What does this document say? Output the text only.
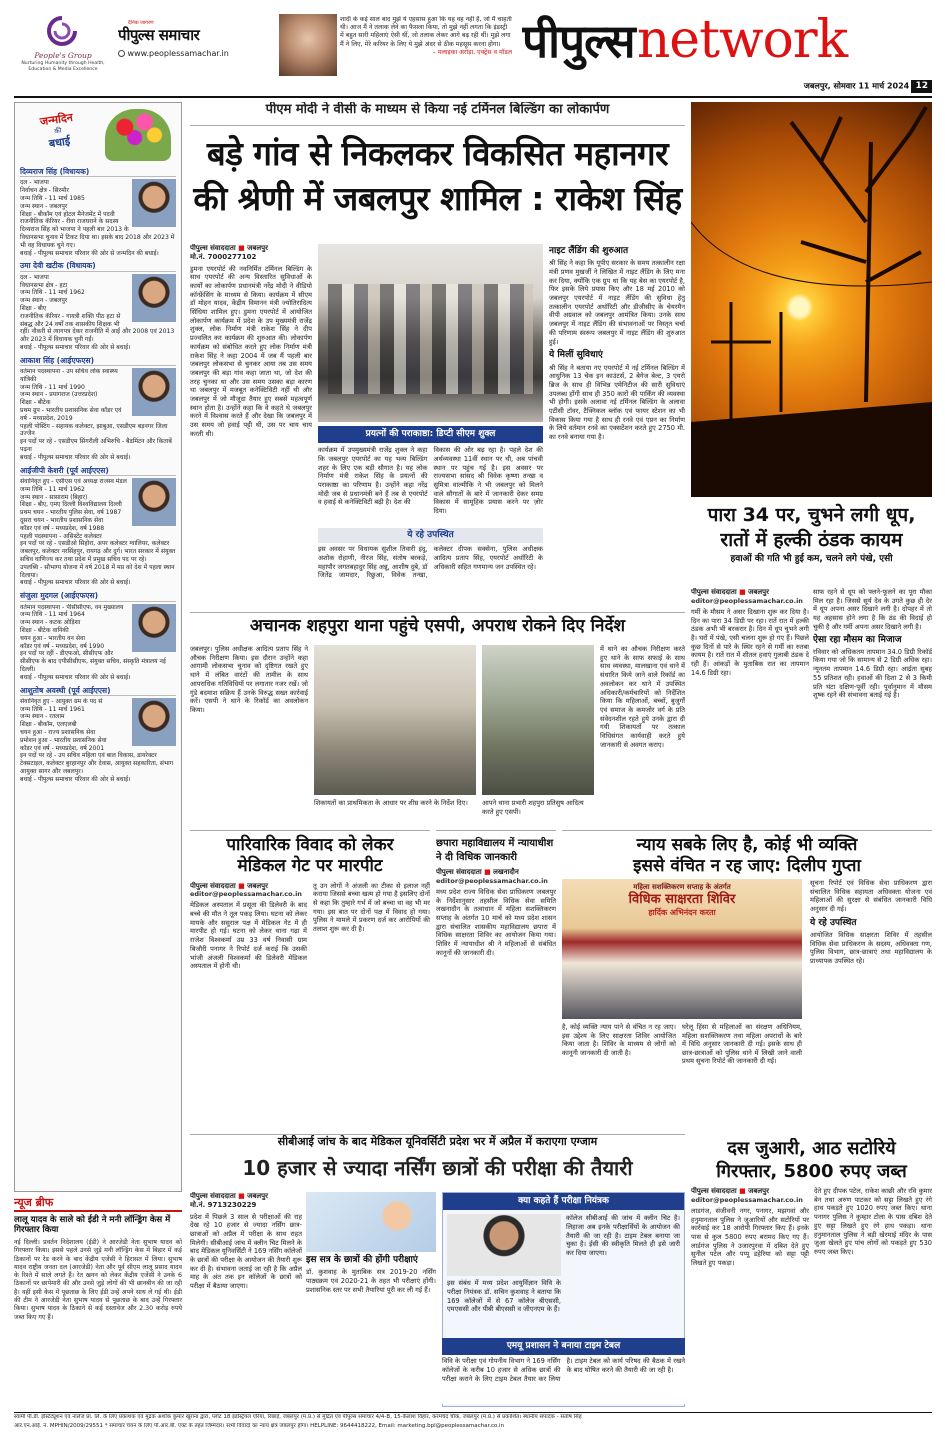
People's Group
Nurturing Humanity through Health, Education & Media Excellence
दैनिक जागरण
पीपुल्स समाचार
www.peoplessamachar.in
शादी के कई साल बाद मुझे ये एहसास हुआ कि यह वह नहीं है, जो मैं चाहती थी। आज मैं ने तलाक लेने का फैसला किया, तो मुझे नहीं लगता कि इंडस्ट्री में बहुत सारी महिलाएं ऐसी थीं, जो तलाक लेकर आगे बढ़ रही थीं। मुझे लगा मैं ने लिए, मेरे करियर के लिए ये मुझे अंदर से ठीक महसूस करना होगा।
– मलाइका अरोड़ा, एक्ट्रेस व मॉडल पीपुल्स network
जबलपुर, सोमवार 11 मार्च 2024 12
जन्मदिन
की
बधाई
दिव्यराज सिंह (विधायक)
दल - भाजपा
निर्वाचन क्षेत्र - सिरमौर
जन्म तिथि - 11 मार्च 1985
जन्म स्थान - जबलपुर
शिक्षा - बीकॉम एवं होटल मैनेजमेंट में पदवी
राजनीतिक कॅरियर - रीवा राजघराने के सदस्य दिव्यराज सिंह को भाजपा ने पहली बार 2013 के विधानसभा चुनाव में टिकट दिया था। इसके बाद 2018 और 2023 में भी वह विधायक चुने गए।
बधाई - पीपुल्स समाचार परिवार की ओर से जन्मदिन की बधाई।
उमा देवी खटीक (विधायक)
दल - भाजपा
विधानसभा क्षेत्र - हटा
जन्म तिथि - 11 मार्च 1962
जन्म स्थान - जबलपुर
शिक्षा - बीए
राजनीतिक कॅरियर - गायत्री शक्ति पीठ हटा से संबद्ध और 24 वर्षों तक शासकीय शिक्षक भी रहीं। नौकरी से त्यागपत्र देकर राजनीति में आईं और 2008 एवं 2013 और 2023 में विधायक चुनी गईं।
बधाई - पीपुल्स समाचार परिवार की ओर से बधाई।
आकाश सिंह (आईएफएस)
वर्तमान पदस्थापना - उप सचिव लोक स्वास्थ्य यांत्रिकी
जन्म तिथि - 11 मार्च 1990
जन्म स्थान - प्रयागराज (उत्तरप्रदेश)
शिक्षा - बीटेक
प्रथम ग्रुप - भारतीय प्रशासनिक सेवा कॉडर एवं वर्ष - मध्यप्रदेश, 2019
पहली पोस्टिंग - सहायक कलेक्टर, झाबुआ, एसडीएम बड़नगर जिला उज्जैन
इन पदों पर रहे - एसडीएम सिंगरौली अभिरुचि - बैडमिंटन और किताबें पढ़ना
बधाई - पीपुल्स समाचार परिवार की ओर से बधाई।
आईजीपी केशरी (पूर्व आईएएस)
सेवानिवृत हुए - एसीएस एवं अध्यक्ष राजस्व मंडल
जन्म तिथि - 11 मार्च 1962
जन्म स्थान - सासाराम (बिहार)
शिक्षा - बीए, एमए दिल्ली विश्वविद्यालय दिल्ली
प्रथम चयन - भारतीय पुलिस सेवा, वर्ष 1987
दूसरा चयन - भारतीय प्रशासनिक सेवा
कॉडर एवं वर्ष - मध्यप्रदेश, वर्ष 1988
पहली पदस्थापना - असिस्टेंट कलेक्टर
इन पदों पर रहे - एसडीओ सिहोरा, अपर कलेक्टर ग्वालियर, कलेक्टर जबलपुर, कलेक्टर नरसिंहपुर, रायगढ़ और दुर्ग। भारत सरकार में संयुक्त सचिव वाणिज्य कर तथा प्रदेश में प्रमुख सचिव पद पर रहे।
उपलब्धि - सौभाग्य योजना में वर्ष 2018 में मप्र को देश में पहला स्थान दिलाया।
बधाई - पीपुल्स समाचार परिवार की ओर से बधाई।
संजुला मुदगल (आईएफएस)
वर्तमान पदस्थापना - पीसीसीएफ, वन मुख्यालय
जन्म तिथि - 11 मार्च 1964
जन्म स्थान - कटक ओड़िशा
शिक्षा - बीटेक वानिकी
चयन हुआ - भारतीय वन सेवा
कॉडर एवं वर्ष - मध्यप्रदेश, वर्ष 1990
इन पदों पर रहीं - डीएफओ, सीसीएफ और सीसीएफ के बाद एपीसीसीएफ, संयुक्त सचिव, संस्कृति मंत्रालय नई दिल्ली।
बधाई - पीपुल्स समाचार परिवार की ओर से बधाई।
आशुतोष अवस्थी (पूर्व आईएएस)
सेवानिवृत हुए - आयुक्त ग्रम के पद से
जन्म तिथि - 11 मार्च 1961
जन्म स्थान - रतलाम
शिक्षा - बीकॉम, एलएलबी
चयन हुआ - राज्य प्रशासनिक सेवा
प्रमोशन हुआ - भारतीय प्रशासनिक सेवा
कॉडर एवं वर्ष - मध्यप्रदेश, वर्ष 2001
इन पदों पर रहे - उप सचिव महिला एवं बाल विकास, डायरेक्टर टेक्सटाइल, कलेक्टर बुरहानपुर और देवास, आयुक्त सहकारिता, संभाग आयुक्त सागर और जबलपुर।
बधाई - पीपुल्स समाचार परिवार की ओर से बधाई।
न्यूज ब्रीफ
लालू यादव के साले को ईडी ने मनी लॉन्ड्रिंग केस में गिरफ्तार किया
नई दिल्ली। प्रवर्तन निदेशालय (ईडी) ने आरजेडी नेता सुभाष यादव को गिरफ्तार किया। इससे पहले उनसे जुड़े मनी लॉन्ड्रिंग केस में बिहार में कई ठिकानों पर रेड करने के बाद केंद्रीय एजेंसी ने हिरासत में लिया। सुभाष यादव राष्ट्रीय जनता दल (आरजेडी) नेता और पूर्व सीएम लालू प्रसाद यादव के रिश्ते में साले लगते हैं। रेत खनन को लेकर केंद्रीय एजेंसी ने उनके 6 ठिकानों पर छापेमारी की और उनसे जुड़े लोगों की भी छानबीन की जा रही है। वहीं इसी केस में पूछताछ के लिए ईडी उन्हें अपने साथ ले गई थी। ईडी की टीम ने आरजेडी नेता सुभाष यादव से पूछताछ के बाद उन्हें गिरफ्तार किया। सुभाष यादव के ठिकाने से कई दस्तावेज और 2.30 करोड़ रुपये जब्त किए गए हैं।
पीएम मोदी ने वीसी के माध्यम से किया नई टर्मिनल बिल्डिंग का लोकार्पण
बड़े गांव से निकलकर विकसित महानगर
की श्रेणी में जबलपुर शामिल : राकेश सिंह
पीपुल्स संवाददाता ■ जबलपुर
मो.नं. 7000277102
डुमना एयरपोर्ट की नवनिर्मित टर्मिनल बिल्डिंग के साथ एयरपोर्ट की अन्य विस्तारित सुविधाओं के कार्यों का लोकार्पण प्रधानमंत्री नरेंद्र मोदी ने वीडियो कॉन्फ्रेंसिंग के माध्यम से किया। कार्यक्रम में सीएम डॉ मोहन यादव, केंद्रीय विमानन मंत्री ज्योतिरादित्य सिंधिया शामिल हुए। डुमना एयरपोर्ट में आयोजित लोकार्पण कार्यक्रम में प्रदेश के उप मुख्यमंत्री राजेंद्र शुक्ल, लोक निर्माण मंत्री राकेश सिंह ने दीप प्रज्वलित कर कार्यक्रम की शुरुआत की। लोकार्पण कार्यक्रम को संबोधित करते हुए लोक निर्माण मंत्री राकेश सिंह ने कहा 2004 में जब मैं पहली बार जबलपुर लोकसभा से चुनकर आया तब उस समय जबलपुर की बड़ा गांव कहा जाता था, जो देश की तरह चुनका था और उस समय उसका बड़ा कारण था जबलपुर में मजबूत कनेक्टिविटी नहीं थी और जबलपुर में जो मौजूदा तैयार हुए सबसे महत्वपूर्ण स्थान होता है। उन्होंने कहा कि वे कहते थे जबलपुर करने में विश्वास करते हैं और देखा कि जबलपुर में उस समय जो हवाई पट्टी थी, उस पर चाय चाय करती थी।	प्रयत्नों की पराकाष्ठा: डिप्टी सीएम शुक्ल
कार्यक्रम में उपमुख्यमंत्री राजेंद्र शुक्ल ने कहा कि जबलपुर एयरपोर्ट का यह भव्य बिल्डिंग शहर के लिए एक बड़ी सौगात है। यह लोक निर्माण मंत्री राकेश सिंह के प्रयत्नों की पराकाष्ठा का परिणाम है। उन्होंने कहा नरेंद्र मोदी जब से प्रधानमंत्री बने हैं तब से एयरपोर्ट व हवाई से कनेक्टिविटी बढ़ी है। देश की
विकास की ओर बढ़ रहा है। पहले देश की अर्थव्यवस्था 11वीं स्थान पर थी, अब पांचवी स्थान पर पहुंच गई है। इस अवसर पर राज्यसभा सांसद श्री विवेक कृष्णा तन्खा व सुमित्रा वाल्मीकि ने भी जबलपुर को मिलने वाले सौगातों के बारे में जानकारी देकर समग्र विकास में सामूहिक प्रयास करने पर ज़ोर दिया।
ये रहे उपस्थित
इस अवसर पर विधायक सुशील तिवारी इंदु, अशोक रोहाणी, नीरज सिंह, संतोष बरकड़े, महापौर जगतबहादुर सिंह अन्नू, आशीष दुबे, डॉ जितेंद्र जामदार, रिछुआ, विवेक तन्खा, कलेक्टर दीपक सक्सेना, पुलिस अधीक्षक आदित्य प्रताप सिंह, एयरपोर्ट अथॉरिटी के अधिकारी सहित गणमान्य जन उपस्थित रहे।
नाइट लैंडिंग की शुरुआत
श्री सिंह ने कहा कि यूपीए सरकार के समय तत्कालीन रक्षा मंत्री प्रणव मुखर्जी ने लिखित में नाइट लैंडिंग के लिए मना कर दिया, क्योंकि एक ग्रुप था कि यह बेस का एयरपोर्ट है, फिर इसके लिये प्रयास किए और 18 मई 2010 को जबलपुर एयरपोर्ट में नाइट लैंडिंग की सुविधा हेतु तत्कालीन एयरपोर्ट अथॉरिटी और डीजीसीए के चेयरमैन वीपी अग्रवाल को जबलपुर आमंत्रित किया। उनके साथ जबलपुर में नाइट लैंडिंग की संभावनाओं पर विस्तृत चर्चा की परिणाम स्वरूप जबलपुर में नाइट लैंडिंग की शुरुआत हुई।
ये मिलीं सुविधाएं
श्री सिंह ने बताया नए एयरपोर्ट में नई टर्मिनल बिल्डिंग में आधुनिक 13 चेक इन काउंटर्स, 2 बेगेज बेल्ट, 3 एयरो ब्रिज के साथ ही विभिन्न एमेनिटीज की सारी सुविधाएं उपलब्ध होंगी साथ ही 350 कारों की पार्किंग की व्यवस्था भी होगी। इसके अलावा नई टर्मिनल बिल्डिंग के अलावा एटीसी टॉवर, टैक्निकल ब्लॉक एवं फायर स्टेशन का भी विकास किया गया है साथ ही रनवे एवं एप्रन का निर्माण के लिये वर्तमान रनवे का एक्सटेंशन करते हुए 2750 मी. का रनवे बनाया गया है।
पारा 34 पर, चुभने लगी धूप,
रातों में हल्की ठंडक कायम
हवाओं की गति भी हुई कम, चलने लगे पंखे, एसी
पीपुल्स संवाददाता ■ जबलपुर
editor@peoplessamachar.co.in
गर्मी के मौसम ने असर दिखाना शुरू कर दिया है। दिन का पारा 34 डिग्री पर रहा। रातें रात में हल्की ठंडक अभी भी बरकरार है। दिन में धूप चुभने लगी है। घरों में पंखे, एसी चलना शुरू हो गए हैं। पिछले कुछ दिनों से पारे के स्थिर रहने से गर्मी का रुतबा कायम है। रातें रात में शीतल हवाएं गुलाबी ठंडक दे रही हैं। आंकड़ों के मुताबिक रात का तापमान 14.6 डिग्री रहा।
साफ रहने से धूप को फ्लने-फूलने का पूरा मौका मिल रहा है। जिससे सूर्य देव के उगते कुछ ही देर में धूप अपना असर दिखाने लगी है। दोपहर में तो यह अहसास होने लगा है कि ठंड की विदाई हो चुकी है और गर्मी अपना असर दिखाने लगी है।
ऐसा रहा मौसम का मिजाज
रविवार को अधिकतम तापमान 34.0 डिग्री रिकॉर्ड किया गया जो कि सामान्य से 2 डिग्री अधिक रहा। न्यूनतम तापमान 14.6 डिग्री रहा। आर्द्रता सुबह 55 प्रतिशत रही। हवाओं की दिशा 2 से 3 किमी प्रति घंटा दक्षिण-पूर्वी रही। पूर्वानुमान में मौसम शुष्क रहने की संभावना बताई गई है।
अचानक शहपुरा थाना पहुंचे एसपी, अपराध रोकने दिए निर्देश
जबलपुर। पुलिस अधीक्षक आदित्य प्रताप सिंह ने औचक निरीक्षण किया। इस दौरान उन्होंने कहा आगामी लोकसभा चुनाव को दृष्टिगत रखते हुए थाने में लंबित वारंटों की तामील के साथ आपराधिक गतिविधियों पर लगातार नजर रखें। जो गुंडे बदमाश सक्रिय हैं उनके विरुद्ध सख्त कार्रवाई करें। एसपी ने थाने के रिकॉर्ड का अवलोकन किया।
शिकायतों का प्राथमिकता के आधार पर शीघ्र करने के निर्देश दिए।	आपने थाना प्रभारी शहपुरा प्रतिसुष आदित्य करते हुए एसपी।
में थाने का औचक निरीक्षण करते हुए थाने के साफ सफाई के साथ साथ व्यवस्था, मालखाना एवं थाने में संधारित किये जाने वाले रिकॉर्ड का अवलोकन कर थाने में उपस्थित अधिकारी/कर्मचारियों को निर्देशित किया कि महिलाओं, बच्चों, बुजुर्गों एवं समाज के कमजोर वर्ग के प्रति संवेदनशील रहते हुये उनके द्वारा दी गयी शिकायतों पर तत्काल विधिसंगत कार्यवाही करते हुये जानकारी से अवगत कराए।
पारिवारिक विवाद को लेकर
मेडिकल गेट पर मारपीट
पीपुल्स संवाददाता ■ जबलपुर
editor@peoplessamachar.co.in
मेडिकल अस्पताल में प्रसूता की डिलेवरी के बाद बच्चे की मौत ने तूल पकड़ लिया। घटना को लेकर मायके और ससुराल पक्ष में मेडिकल गेट में ही मारपीट हो गई। घटना को लेकर थाना गढ़ा में राजेश विश्वकर्मा उम्र 33 वर्ष निवासी ग्राम बिजौरी पनागर ने रिपोर्ट दर्ज कराई कि उसकी भांजी अंजली विश्वकर्मा की डिलेवरी मेडिकल अस्पताल में होनी थी।
तू उन लोगों ने अंजली का टीका से इलाज नहीं कराया जिससे बच्चा खत्म हो गया है इसलिए दोनों से कहा कि तुम्हारे गर्भ में जो बच्चा था वह भी मर गया। इस बात पर दोनों पक्ष में विवाद हो गया। पुलिस ने मामले में प्रकरण दर्ज कर आरोपियों की तलाश शुरू कर दी है।
छपारा महाविद्यालय में न्यायाधीश ने दी विधिक जानकारी
पीपुल्स संवाददाता ■ लखनादौन
editor@peoplessamachar.co.in
मध्य प्रदेश राज्य विधिक सेवा प्राधिकरण जबलपुर के निर्देशानुसार तहसील विधिक सेवा समिति लखनादौन के तत्वाधान में महिला सशक्तिकरण सप्ताह के अंतर्गत 10 मार्च को मध्य प्रदेश शासन द्वारा संचालित शासकीय महाविद्यालय छपारा में विधिक साक्षरता शिविर का आयोजन किया गया। शिविर में न्यायाधीश श्री ने महिलाओं से संबंधित कानूनों की जानकारी दी।
न्याय सबके लिए है, कोई भी व्यक्ति
इससे वंचित न रह जाए: दिलीप गुप्ता
महिला सशक्तिकरण सप्ताह के अंतर्गत
विधिक साक्षरता शिविर
हार्दिक अभिनंदन करता
है, कोई व्यक्ति न्याय पाने से वंचित न रह जाए। इस उद्देश्य के लिए साक्षरता शिविर आयोजित किया जाता है। शिविर के माध्यम से लोगों को कानूनी जानकारी दी जाती है।
घरेलू हिंसा से महिलाओं का संरक्षण अधिनियम, महिला सशक्तिकरण तथा महिला अपराधों के बारे में विधि अनुसार जानकारी दी गई। इसके साथ ही छात्र-छात्राओं को पुलिस थाने में लिखी जाने वाली प्रथम सूचना रिपोर्ट की जानकारी दी गई।
सूचना रिपोर्ट एवं विधिक सेवा प्राधिकरण द्वारा संचालित विधिक सहायता अधिवक्ता योजना एवं महिलाओं की सुरक्षा से संबंधित जानकारी विधि अनुसार दी गई।
ये रहे उपस्थित
आयोजित विधिक साक्षरता शिविर में तहसील विधिक सेवा प्राधिकरण के सदस्य, अधिवक्ता गण, पुलिस विभाग, छात्र-छात्राएं तथा महाविद्यालय के प्राध्यापक उपस्थित रहे।
सीबीआई जांच के बाद मेडिकल यूनिवर्सिटी प्रदेश भर में अप्रैल में कराएगा एग्जाम
10 हजार से ज्यादा नर्सिंग छात्रों की परीक्षा की तैयारी
पीपुल्स संवाददाता ■ जबलपुर
मो.नं. 9713230229
प्रदेश में पिछले 3 साल से परीक्षाओं की राह देख रहे 10 हजार से ज्यादा नर्सिंग छात्र-छात्राओं को अप्रैल में परीक्षा के साथ राहत मिलेगी। सीबीआई जांच में क्लीन चिट मिलने के बाद मेडिकल यूनिवर्सिटी ने 169 नर्सिंग कॉलेजों के छात्रों की परीक्षा के आयोजन की तैयारी शुरू कर दी है। संभावना जताई जा रही है कि अप्रैल माह के अंत तक इन कॉलेजों के छात्रों को परीक्षा में बैठाया जाएगा।
इस सत्र के छात्रों की होंगी परीक्षाएं
डॉ. कुशवाह के मुताबिक सत्र 2019-20 नर्सिंग पाठ्यक्रम एवं 2020-21 के तहत भी परीक्षाएं होंगी। प्रशासनिक स्तर पर सभी तैयारियां पूरी कर ली गई हैं।
क्या कहते हैं परीक्षा नियंत्रक
इस संबंध में मध्य प्रदेश आयुर्विज्ञान विवि के परीक्षा नियंत्रक डॉ. सचिन कुशवाह ने बताया कि 169 कॉलेजों में से 67 कॉलेज बीएससी, एमएससी और पीबी बीएससी व जीएनएम के हैं।
कॉलेज सीबीआई की जांच में क्लीन चिट है। लिहाजा अब इनके परीक्षार्थियों के आयोजन की तैयारी की जा रही है। टाइम टेबल बनाया जा चुका है। ईसी की स्वीकृति मिलते ही इसे जारी कर दिया जाएगा।
एमयू प्रशासन ने बनाया टाइम टेबल
विवि के परीक्षा एवं गोपनीय विभाग ने 169 नर्सिंग कॉलेजों के करीब 10 हजार से अधिक छात्रों की परीक्षा कराने के लिए टाइम टेबल तैयार कर लिया है। टाइम टेबल को कार्य परिषद की बैठक में रखने के बाद घोषित करने की तैयारी की जा रही है।
दस जुआरी, आठ सटोरिये
गिरफ्तार, 5800 रुपए जब्त
पीपुल्स संवाददाता ■ जबलपुर
editor@peoplessamachar.co.in
लाडगंज, संजीवनी नगर, पनागर, मझगवां और हनुमानताल पुलिस ने जुआरियों और सटोरियों पर कार्रवाई कर 18 आरोपी गिरफ्तार किए हैं। इनके पास से कुल 5800 रुपए बरामद किए गए हैं। लार्डगंज पुलिस ने उजारपुरवा में दबिश देते हुए सुनील पटेल और पप्पू डहेरिया को सट्टा पट्टी लिखते हुए पकड़ा।
देते हुए दीपक पटेल, राकेश काछी और रवि कुमार बेन तथा अरुण पाटकर को सट्टा लिखते हुए रंगे हाथ पकड़ते हुए 1020 रुपए जब्त किए। थाना पनागर पुलिस ने कुम्हार टोला के पास दबिश देते हुए सट्टा लिखते हुए रंगे हाथ पकड़ा। थाना हनुमानताल पुलिस ने बड़ी खेरमाई मंदिर के पास जुआ खेलते हुए पांच लोगों को पकड़ते हुए 530 रुपए जब्त किए।
स्वामी पी.डी. इंस्टिट्यूशन एवं नॉलेज प्रा. लि. के लिए प्रकाशक एवं मुद्रक अशोक कुमार खुराना द्वारा, प्लॉट 18 इंडस्ट्रियल एरिया, रिछाई, जबलपुर (म.प्र.) से मुद्रित एवं पीपुल्स समाचार 4/4-B, 15-कैलाश विहार, करमचंद चौक, जबलपुर (म.प्र.) से प्रकाशित। स्थानीय संपादक - संतोष सिंह
आर.एन.आई. नं. MPHIN/2009/29551 * समाचार चयन के लिए पी.आर.बी. एक्ट के तहत जिम्मेदार। सभी विवादों का न्याय क्षेत्र जबलपुर होगा। HELPLINE: 9644418222, Email: marketing.bpl@peoplessamachar.co.in
